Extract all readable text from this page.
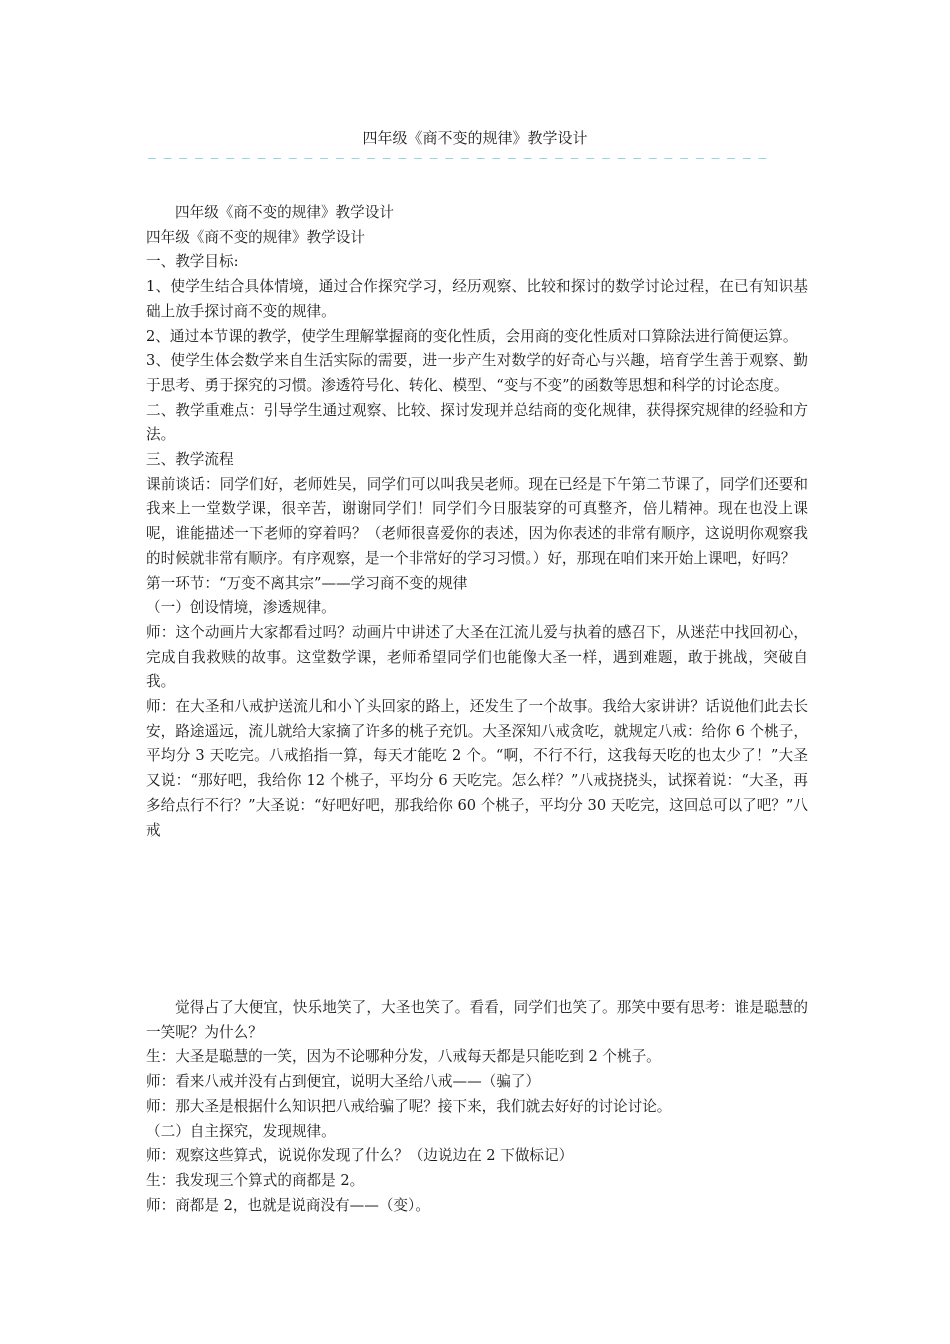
四年级《商不变的规律》教学设计
— — — — — — — — — — — — — — — — — — — — — — — — — — — — — — — — — — — — — — — —

四年级《商不变的规律》教学设计

四年级《商不变的规律》教学设计

一、教学目标:

1、使学生结合具体情境，通过合作探究学习，经历观察、比较和探讨的数学讨论过程，在已有知识基础上放手探讨商不变的规律。

2、通过本节课的教学，使学生理解掌握商的变化性质，会用商的变化性质对口算除法进行简便运算。

3、使学生体会数学来自生活实际的需要，进一步产生对数学的好奇心与兴趣，培育学生善于观察、勤于思考、勇于探究的习惯。渗透符号化、转化、模型、“变与不变”的函数等思想和科学的讨论态度。

二、教学重难点：引导学生通过观察、比较、探讨发现并总结商的变化规律，获得探究规律的经验和方法。

三、教学流程

课前谈话：同学们好，老师姓吴，同学们可以叫我吴老师。现在已经是下午第二节课了，同学们还要和我来上一堂数学课，很辛苦，谢谢同学们！同学们今日服装穿的可真整齐，倍儿精神。现在也没上课呢，谁能描述一下老师的穿着吗？（老师很喜爱你的表述，因为你表述的非常有顺序，这说明你观察我的时候就非常有顺序。有序观察，是一个非常好的学习习惯。）好，那现在咱们来开始上课吧，好吗？

第一环节：“万变不离其宗”——学习商不变的规律

（一）创设情境，渗透规律。

师：这个动画片大家都看过吗？动画片中讲述了大圣在江流儿爱与执着的感召下，从迷茫中找回初心，完成自我救赎的故事。这堂数学课，老师希望同学们也能像大圣一样，遇到难题，敢于挑战，突破自我。

师：在大圣和八戒护送流儿和小丫头回家的路上，还发生了一个故事。我给大家讲讲？话说他们此去长安，路途遥远，流儿就给大家摘了许多的桃子充饥。大圣深知八戒贪吃，就规定八戒：给你 6 个桃子，平均分 3 天吃完。八戒掐指一算，每天才能吃 2 个。“啊，不行不行，这我每天吃的也太少了！”大圣又说：“那好吧，我给你 12 个桃子，平均分 6 天吃完。怎么样？”八戒挠挠头，试探着说：“大圣，再多给点行不行？”大圣说：“好吧好吧，那我给你 60 个桃子，平均分 30 天吃完，这回总可以了吧？”八戒

觉得占了大便宜，快乐地笑了，大圣也笑了。看看，同学们也笑了。那笑中要有思考：谁是聪慧的一笑呢？为什么？

生：大圣是聪慧的一笑，因为不论哪种分发，八戒每天都是只能吃到 2 个桃子。

师：看来八戒并没有占到便宜，说明大圣给八戒——（骗了）

师：那大圣是根据什么知识把八戒给骗了呢？接下来，我们就去好好的讨论讨论。

（二）自主探究，发现规律。

师：观察这些算式，说说你发现了什么？（边说边在 2 下做标记）

生：我发现三个算式的商都是 2。

师：商都是 2，也就是说商没有——（变）。
